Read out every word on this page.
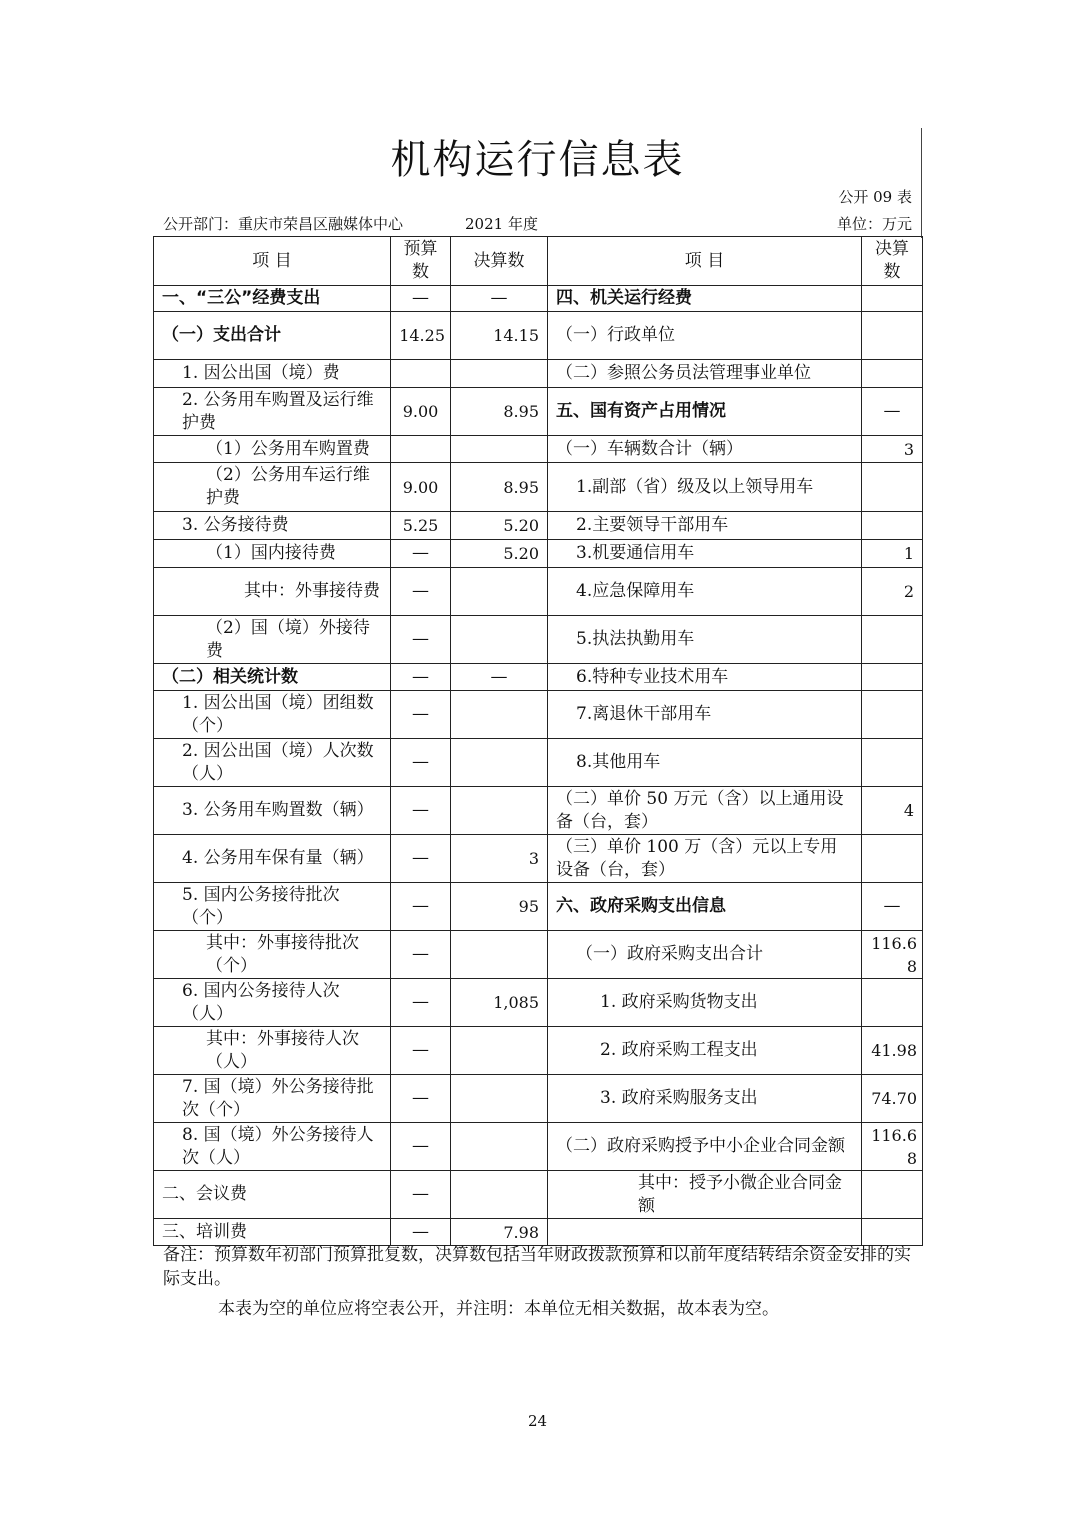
机构运行信息表
公开 09 表
公开部门：重庆市荣昌区融媒体中心	2021 年度	单位：万元
项 目	预算数	决算数	项 目	决算数
一、“三公”经费支出	—	—	四、机关运行经费	
（一）支出合计	14.25	14.15	（一）行政单位	
1. 因公出国（境）费			（二）参照公务员法管理事业单位	
2. 公务用车购置及运行维护费	9.00	8.95	五、国有资产占用情况	—
（1）公务用车购置费			（一）车辆数合计（辆）	3
（2）公务用车运行维护费	9.00	8.95	1.副部（省）级及以上领导用车	
3. 公务接待费	5.25	5.20	2.主要领导干部用车	
（1）国内接待费	—	5.20	3.机要通信用车	1
其中：外事接待费	—		4.应急保障用车	2
（2）国（境）外接待费	—		5.执法执勤用车	
（二）相关统计数	—	—	6.特种专业技术用车	
1. 因公出国（境）团组数（个）	—		7.离退休干部用车	
2. 因公出国（境）人次数（人）	—		8.其他用车	
3. 公务用车购置数（辆）	—		（二）单价 50 万元（含）以上通用设备（台，套）	4
4. 公务用车保有量（辆）	—	3	（三）单价 100 万（含）元以上专用设备（台，套）	
5. 国内公务接待批次（个）	—	95	六、政府采购支出信息	—
其中：外事接待批次（个）	—		（一）政府采购支出合计	116.68
6. 国内公务接待人次（人）	—	1,085	1. 政府采购货物支出	
其中：外事接待人次（人）	—		2. 政府采购工程支出	41.98
7. 国（境）外公务接待批次（个）	—		3. 政府采购服务支出	74.70
8. 国（境）外公务接待人次（人）	—		（二）政府采购授予中小企业合同金额	116.68
二、会议费	—		其中：授予小微企业合同金额	
三、培训费	—	7.98		
备注：预算数年初部门预算批复数，决算数包括当年财政拨款预算和以前年度结转结余资金安排的实际支出。
本表为空的单位应将空表公开，并注明：本单位无相关数据，故本表为空。
24
